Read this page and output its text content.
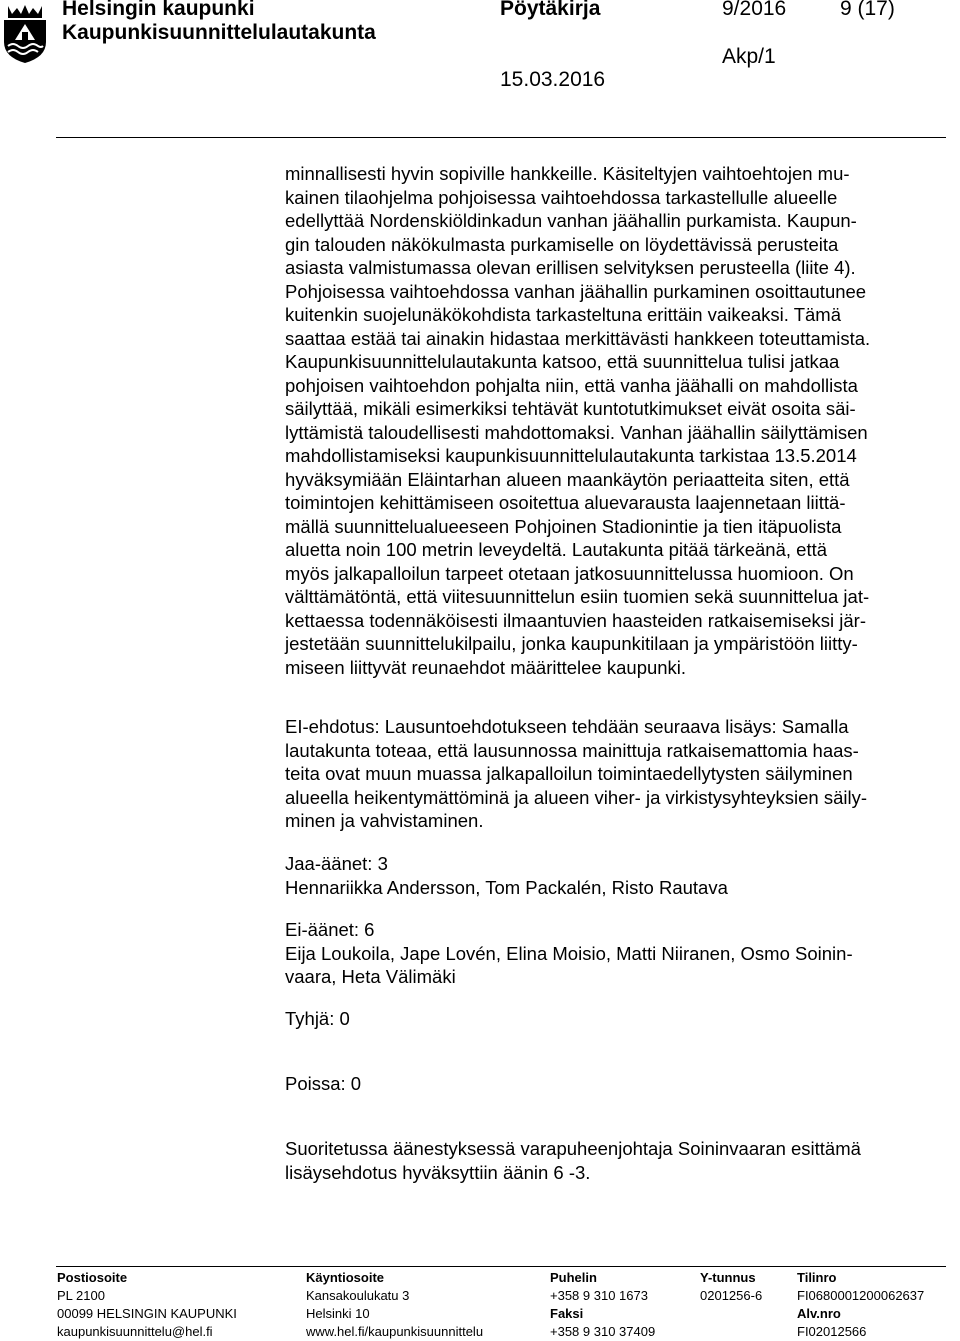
Helsingin kaupunki
Kaupunkisuunnittelulautakunta
Pöytäkirja	9/2016	9 (17)
Akp/1
15.03.2016
minnallisesti hyvin sopiville hankkeille. Käsiteltyjen vaihtoehtojen mu-
kainen tilaohjelma pohjoisessa vaihtoehdossa tarkastellulle alueelle
edellyttää Nordenskiöldinkadun vanhan jäähallin purkamista. Kaupun-
gin talouden näkökulmasta purkamiselle on löydettävissä perusteita
asiasta valmistumassa olevan erillisen selvityksen perusteella (liite 4).
Pohjoisessa vaihtoehdossa vanhan jäähallin purkaminen osoittautunee
kuitenkin suojelunäkökohdista tarkasteltuna erittäin vaikeaksi. Tämä
saattaa estää tai ainakin hidastaa merkittävästi hankkeen toteuttamista.
Kaupunkisuunnittelulautakunta katsoo, että suunnittelua tulisi jatkaa
pohjoisen vaihtoehdon pohjalta niin, että vanha jäähalli on mahdollista
säilyttää, mikäli esimerkiksi tehtävät kuntotutkimukset eivät osoita säi-
lyttämistä taloudellisesti mahdottomaksi. Vanhan jäähallin säilyttämisen
mahdollistamiseksi kaupunkisuunnittelulautakunta tarkistaa 13.5.2014
hyväksymiään Eläintarhan alueen maankäytön periaatteita siten, että
toimintojen kehittämiseen osoitettua aluevarausta laajennetaan liittä-
mällä suunnittelualueeseen Pohjoinen Stadionintie ja tien itäpuolista
aluetta noin 100 metrin leveydeltä. Lautakunta pitää tärkeänä, että
myös jalkapalloilun tarpeet otetaan jatkosuunnittelussa huomioon. On
välttämätöntä, että viitesuunnittelun esiin tuomien sekä suunnittelua jat-
kettaessa todennäköisesti ilmaantuvien haasteiden ratkaisemiseksi jär-
jestetään suunnittelukilpailu, jonka kaupunkitilaan ja ympäristöön liitty-
miseen liittyvät reunaehdot määrittelee kaupunki.
EI-ehdotus: Lausuntoehdotukseen tehdään seuraava lisäys: Samalla
lautakunta toteaa, että lausunnossa mainittuja ratkaisemattomia haas-
teita ovat muun muassa jalkapalloilun toimintaedellytysten säilyminen
alueella heikentymättöminä ja alueen viher- ja virkistysyhteyksien säily-
minen ja vahvistaminen.
Jaa-äänet: 3
Hennariikka Andersson, Tom Packalén, Risto Rautava
Ei-äänet: 6
Eija Loukoila, Jape Lovén, Elina Moisio, Matti Niiranen, Osmo Soinin-
vaara, Heta Välimäki
Tyhjä: 0
Poissa: 0
Suoritetussa äänestyksessä varapuheenjohtaja Soininvaaran esittämä
lisäysehdotus hyväksyttiin äänin 6 -3.
Postiosoite
PL 2100
00099 HELSINGIN KAUPUNKI
kaupunkisuunnittelu@hel.fi
Käyntiosoite
Kansakoulukatu 3
Helsinki 10
www.hel.fi/kaupunkisuunnittelu
Puhelin
+358 9 310 1673
Faksi
+358 9 310 37409
Y-tunnus
0201256-6
Tilinro
FI0680001200062637
Alv.nro
FI02012566
